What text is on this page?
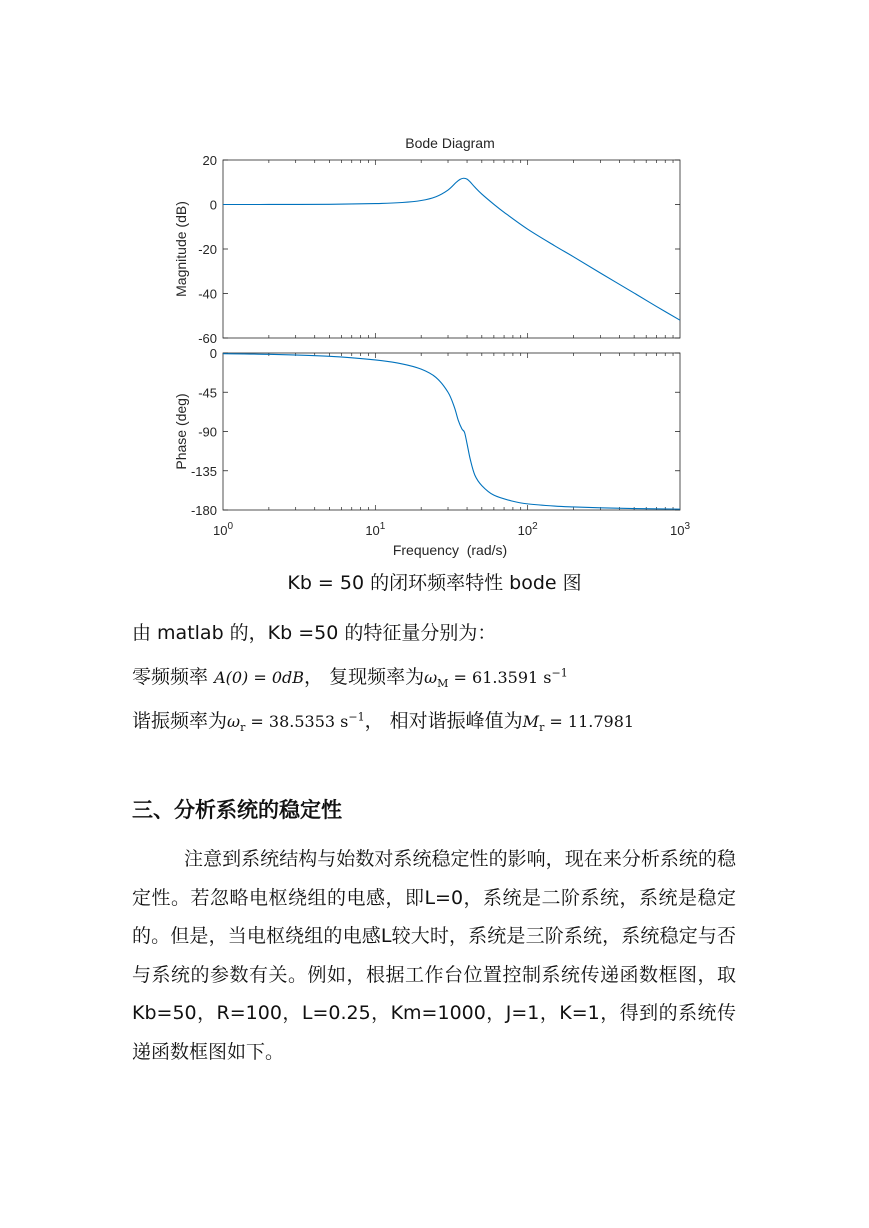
Bode Diagram
20
0
-20
-40
-60
Magnitude (dB)
0
-45
-90
-135
-180
Phase (deg)
$10^0$	$10^1$	$10^2$	$10^3$
Frequency  (rad/s)
Kb = 50 的闭环频率特性 bode 图
由 matlab 的，Kb =50 的特征量分别为：
零频频率 A(0) = 0dB， 复现频率为$\omega_M = 61.3591$ $s^{-1}$
谐振频率为$\omega_r = 38.5353$ $s^{-1}$， 相对谐振峰值为$M_r = 11.7981$
三、分析系统的稳定性

注意到系统结构与始数对系统稳定性的影响，现在来分析系统的稳定性。若忽略电枢绕组的电感，即L=0，系统是二阶系统，系统是稳定的。但是，当电枢绕组的电感L较大时，系统是三阶系统，系统稳定与否与系统的参数有关。例如，根据工作台位置控制系统传递函数框图，取Kb=50，R=100，L=0.25，Km=1000，J=1，K=1，得到的系统传递函数框图如下。
